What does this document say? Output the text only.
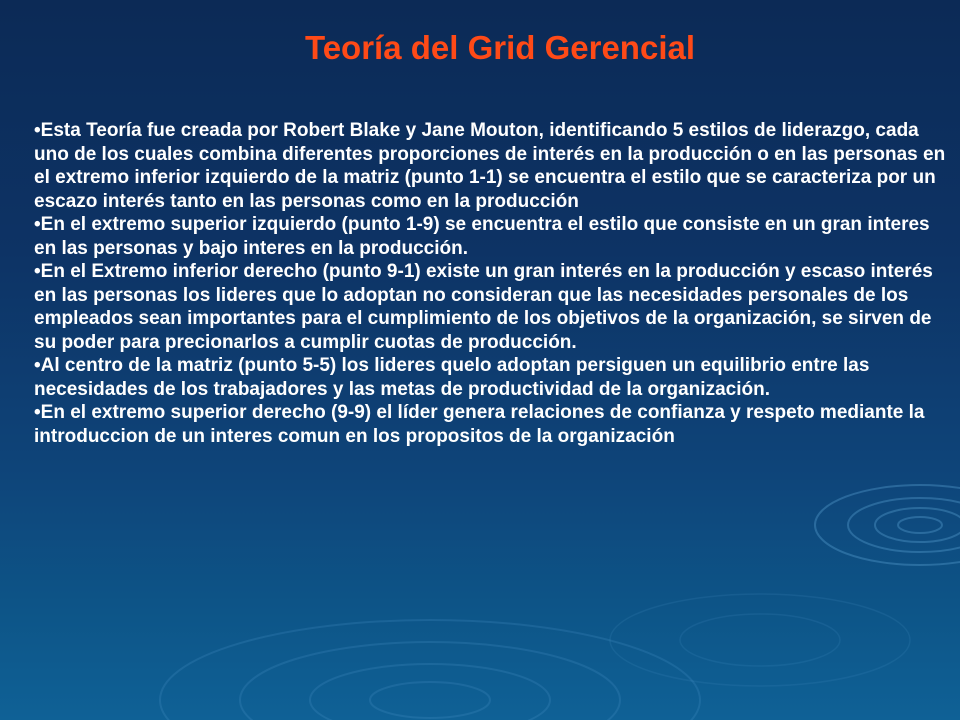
Teoría del Grid Gerencial
•Esta Teoría fue creada por Robert Blake y Jane Mouton, identificando 5 estilos de liderazgo, cada uno de los cuales combina diferentes proporciones de interés en la producción o en las personas en el extremo inferior izquierdo de la matriz (punto 1-1) se encuentra el estilo que se caracteriza por un escazo interés tanto en las personas como en la producción
•En el extremo superior izquierdo (punto 1-9) se encuentra el estilo que consiste en un gran interes en las personas y bajo interes en la producción.
•En el Extremo inferior derecho (punto 9-1) existe un gran interés en la producción y escaso interés en las personas los lideres que lo adoptan no consideran que las necesidades personales de los empleados sean importantes para el cumplimiento de los objetivos de la organización, se sirven de su poder para precionarlos a cumplir cuotas de producción.
•Al centro de la matriz (punto 5-5) los lideres quelo adoptan persiguen un equilibrio entre las necesidades de los trabajadores y las metas de productividad de la organización.
•En el extremo superior derecho (9-9) el líder genera relaciones de confianza y respeto mediante la introduccion de un interes comun en los propositos de la organización
